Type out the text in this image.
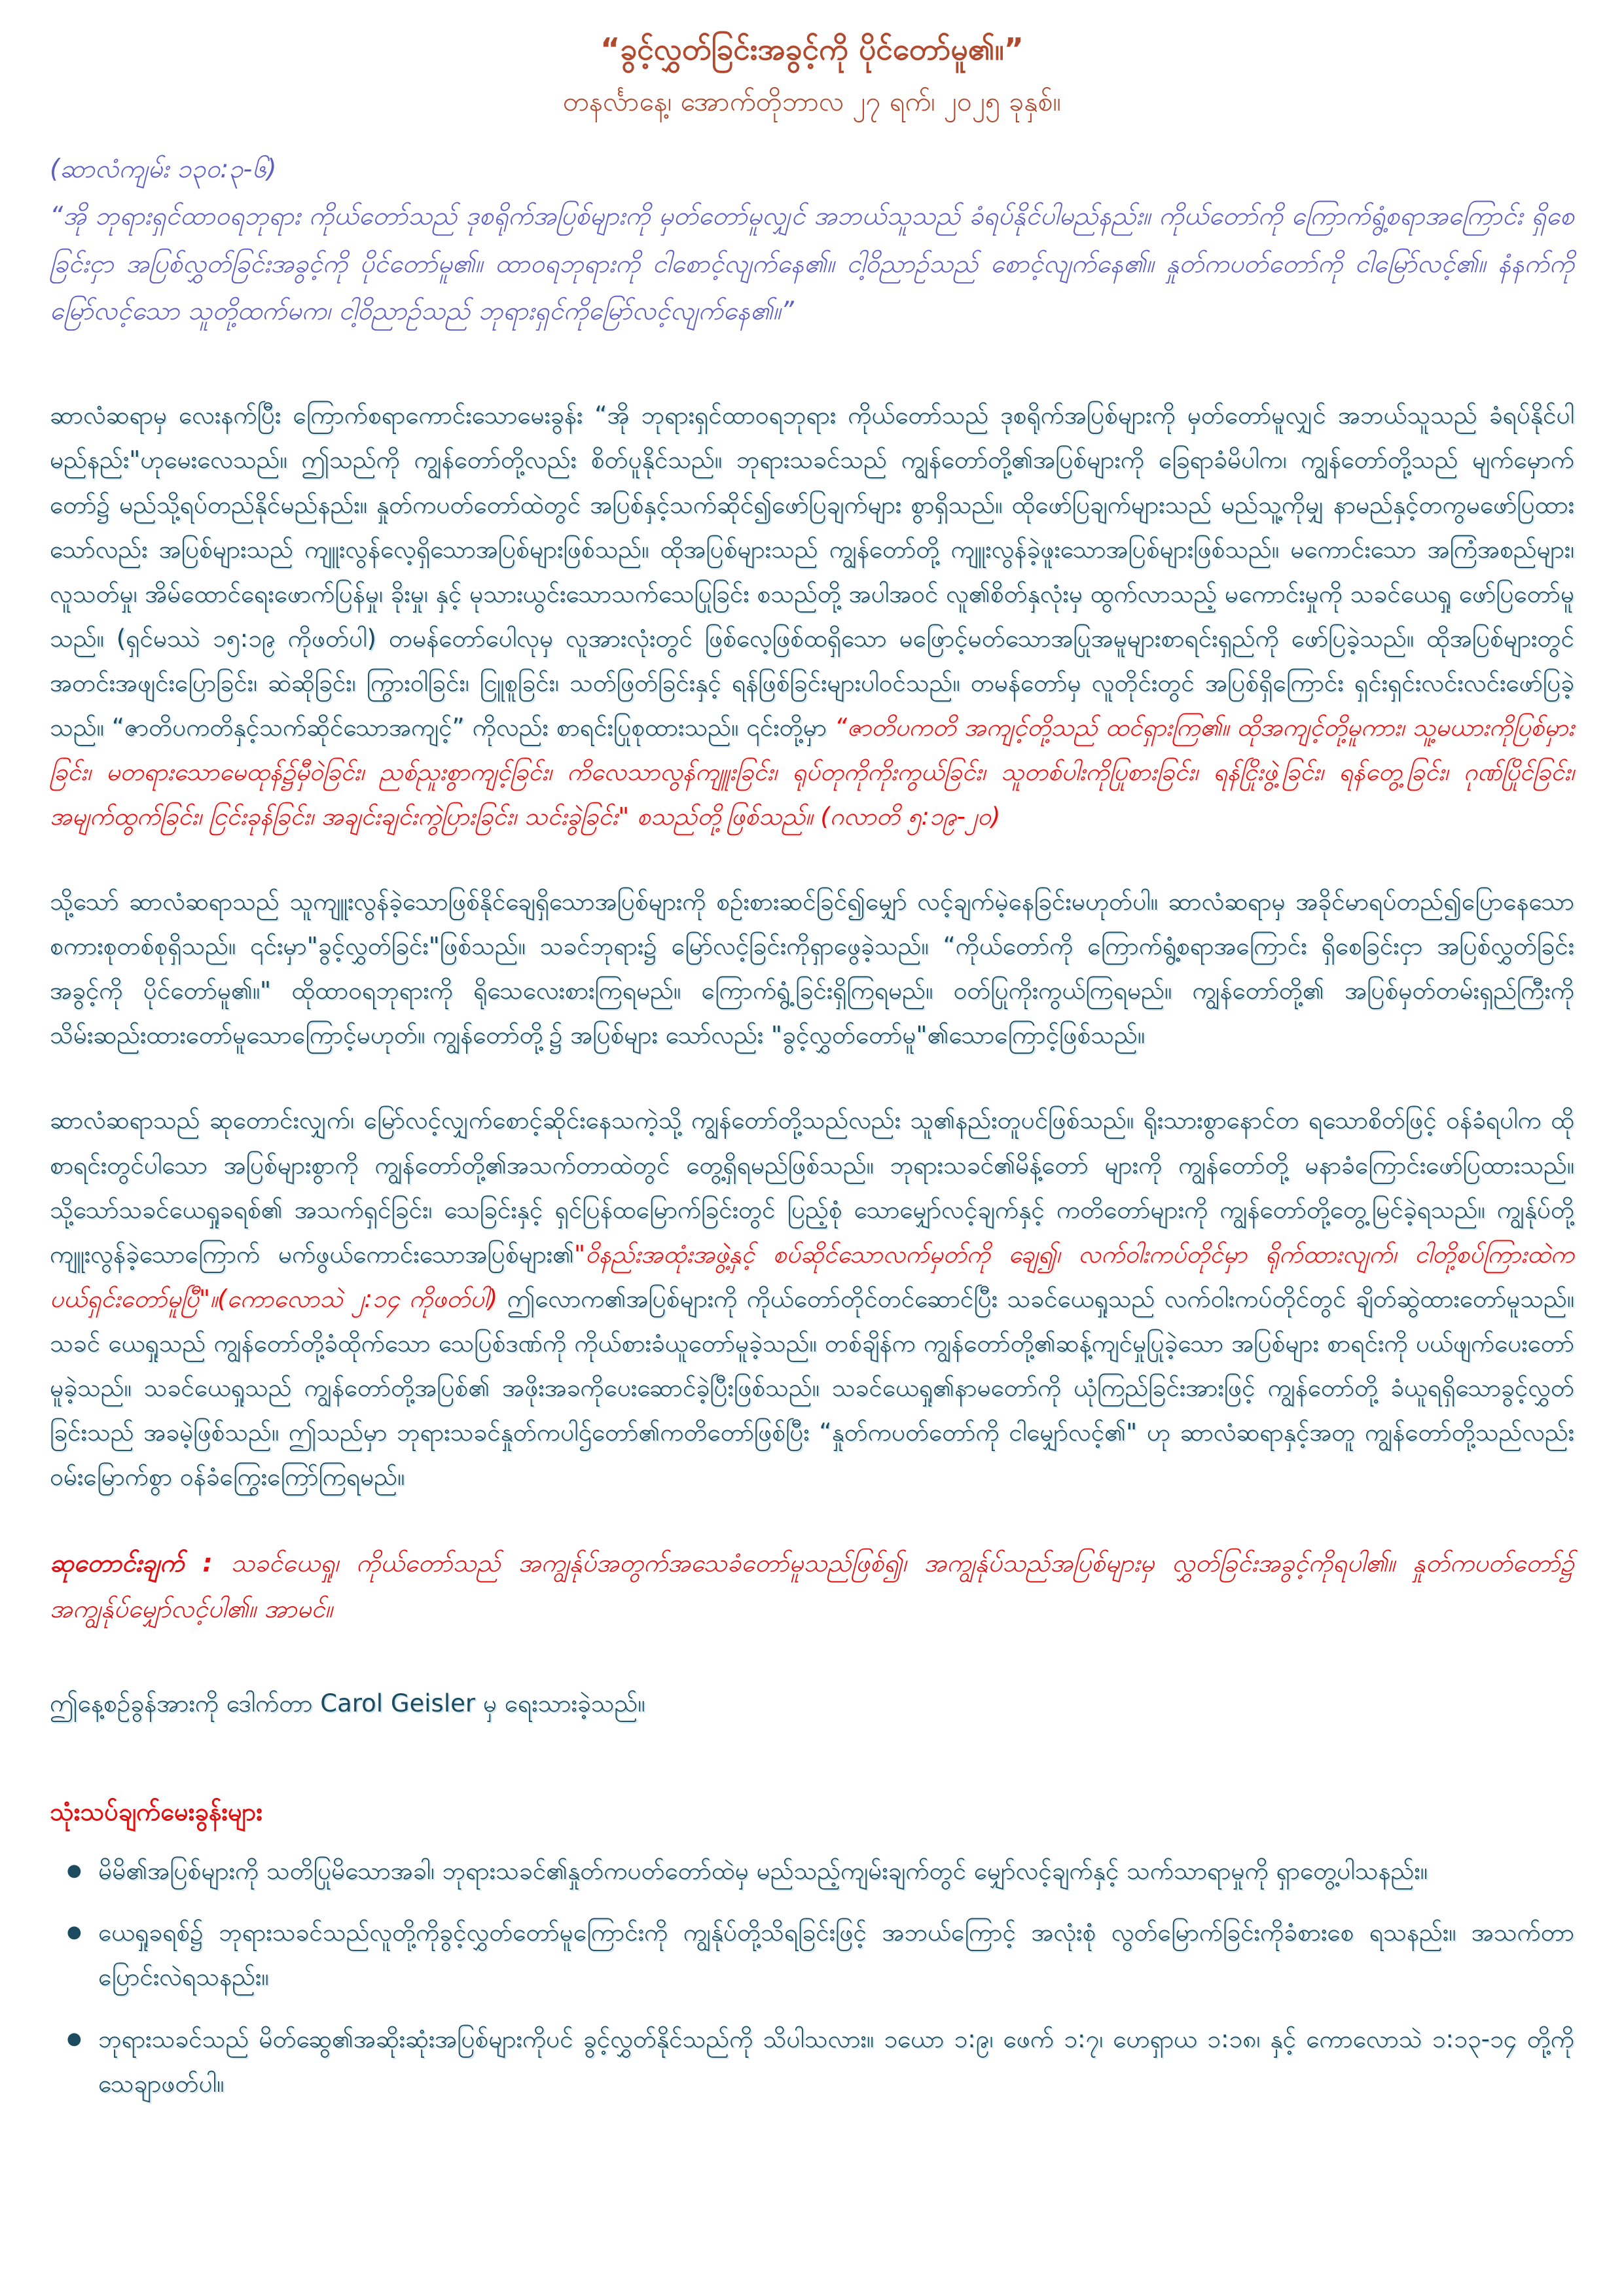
“ခွင့်လွှတ်ခြင်းအခွင့်ကို ပိုင်တော်မူ၏။”
တနင်္လာနေ့၊ အောက်တိုဘာလ ၂၇ ရက်၊ ၂၀၂၅ ခုနှစ်။
(ဆာလံကျမ်း ၁၃၀:၃-၆)
“အို ဘုရားရှင်ထာဝရဘုရား ကိုယ်တော်သည် ဒုစရိုက်အပြစ်များကို မှတ်တော်မူလျှင် အဘယ်သူသည် ခံရပ်နိုင်ပါမည်နည်း။ ကိုယ်တော်ကို ကြောက်ရွံ့စရာအကြောင်း ရှိစေခြင်းငှာ အပြစ်လွှတ်ခြင်းအခွင့်ကို ပိုင်တော်မူ၏။ ထာဝရဘုရားကို ငါစောင့်လျက်နေ၏။ ငါ့ဝိညာဉ်သည် စောင့်လျက်နေ၏။ နှုတ်ကပတ်တော်ကို ငါမြော်လင့်၏။ နံနက်ကိုမြော်လင့်သော သူတို့ထက်မက၊ ငါ့ဝိညာဉ်သည် ဘုရားရှင်ကိုမြော်လင့်လျက်နေ၏။”

ဆာလံဆရာမှ လေးနက်ပြီး ကြောက်စရာကောင်းသောမေးခွန်း “အို ဘုရားရှင်ထာဝရဘုရား ကိုယ်တော်သည် ဒုစရိုက်အပြစ်များကို မှတ်တော်မူလျှင် အဘယ်သူသည် ခံရပ်နိုင်ပါမည်နည်း"ဟုမေးလေသည်။ ဤသည်ကို ကျွန်တော်တို့လည်း စိတ်ပူနိုင်သည်။ ဘုရားသခင်သည် ကျွန်တော်တို့၏အပြစ်များကို ခြေရာခံမိပါက၊ ကျွန်တော်တို့သည် မျက်မှောက်တော်၌ မည်သို့ရပ်တည်နိုင်မည်နည်း။ နှုတ်ကပတ်တော်ထဲတွင် အပြစ်နှင့်သက်ဆိုင်၍ဖော်ပြချက်များ စွာရှိသည်။ ထိုဖော်ပြချက်များသည် မည်သူ့ကိုမျှ နာမည်နှင့်တကွမဖော်ပြထားသော်လည်း အပြစ်များသည် ကျူးလွန်လေ့ရှိသောအပြစ်များဖြစ်သည်။ ထိုအပြစ်များသည် ကျွန်တော်တို့ ကျူးလွန်ခဲ့ဖူးသောအပြစ်များဖြစ်သည်။ မကောင်းသော အကြံအစည်များ၊ လူသတ်မှု၊ အိမ်ထောင်ရေးဖောက်ပြန်မှု၊ ခိုးမှု၊ နှင့် မုသားယွင်းသောသက်သေပြုခြင်း စသည်တို့ အပါအဝင် လူ၏စိတ်နှလုံးမှ ထွက်လာသည့် မကောင်းမှုကို သခင်ယေရှု ဖော်ပြတော်မူသည်။ (ရှင်မဿဲ ၁၅:၁၉ ကိုဖတ်ပါ) တမန်တော်ပေါလုမှ လူအားလုံးတွင် ဖြစ်လေ့ဖြစ်ထရှိသော မဖြောင့်မတ်သောအပြုအမူများစာရင်းရှည်ကို ဖော်ပြခဲ့သည်။ ထိုအပြစ်များတွင် အတင်းအဖျင်းပြောခြင်း၊ ဆဲဆိုခြင်း၊ ကြွားဝါခြင်း၊ ငြူစူခြင်း၊ သတ်ဖြတ်ခြင်းနှင့် ရန်ဖြစ်ခြင်းများပါဝင်သည်။ တမန်တော်မှ လူတိုင်းတွင် အပြစ်ရှိကြောင်း ရှင်းရှင်းလင်းလင်းဖော်ပြခဲ့သည်။ “ဇာတိပကတိနှင့်သက်ဆိုင်သောအကျင့်” ကိုလည်း စာရင်းပြုစုထားသည်။ ၎င်းတို့မှာ “ဇာတိပကတိ အကျင့်တို့သည် ထင်ရှားကြ၏။ ထိုအကျင့်တို့မူကား၊ သူ့မယားကိုပြစ်မှားခြင်း၊ မတရားသောမေထုန်၌မှီဝဲခြင်း၊ ညစ်ညူးစွာကျင့်ခြင်း၊ ကိလေသာလွန်ကျူးခြင်း၊ ရုပ်တုကိုကိုးကွယ်ခြင်း၊ သူတစ်ပါးကိုပြုစားခြင်း၊ ရန်ငြိုးဖွဲ့ခြင်း၊ ရန်တွေ့ခြင်း၊ ဂုဏ်ပြိုင်ခြင်း၊ အမျက်ထွက်ခြင်း၊ ငြင်းခုန်ခြင်း၊ အချင်းချင်းကွဲပြားခြင်း၊ သင်းခွဲခြင်း" စသည်တို့ဖြစ်သည်။ (ဂလာတိ ၅:၁၉-၂၀)

သို့သော် ဆာလံဆရာသည် သူကျူးလွန်ခဲ့သောဖြစ်နိုင်ချေရှိသောအပြစ်များကို စဉ်းစားဆင်ခြင်၍မျှော် လင့်ချက်မဲ့နေခြင်းမဟုတ်ပါ။ ဆာလံဆရာမှ အခိုင်မာရပ်တည်၍ပြောနေသော စကားစုတစ်စုရှိသည်။ ၎င်းမှာ"ခွင့်လွှတ်ခြင်း"ဖြစ်သည်။ သခင်ဘုရား၌ မြော်လင့်ခြင်းကိုရှာဖွေခဲ့သည်။ “ကိုယ်တော်ကို ကြောက်ရွံ့စရာအကြောင်း ရှိစေခြင်းငှာ အပြစ်လွှတ်ခြင်းအခွင့်ကို ပိုင်တော်မူ၏။" ထိုထာဝရဘုရားကို ရိုသေလေးစားကြရမည်။ ကြောက်ရွံ့ခြင်းရှိကြရမည်။ ဝတ်ပြုကိုးကွယ်ကြရမည်။ ကျွန်တော်တို့၏ အပြစ်မှတ်တမ်းရှည်ကြီးကို သိမ်းဆည်းထားတော်မူသောကြောင့်မဟုတ်။ ကျွန်တော်တို့၌ အပြစ်များ သော်လည်း "ခွင့်လွှတ်တော်မူ"၏သောကြောင့်ဖြစ်သည်။

ဆာလံဆရာသည် ဆုတောင်းလျှက်၊ မြော်လင့်လျှက်စောင့်ဆိုင်းနေသကဲ့သို့ ကျွန်တော်တို့သည်လည်း သူ၏နည်းတူပင်ဖြစ်သည်။ ရိုးသားစွာနောင်တ ရသောစိတ်ဖြင့် ဝန်ခံရပါက ထိုစာရင်းတွင်ပါသော အပြစ်များစွာကို ကျွန်တော်တို့၏အသက်တာထဲတွင် တွေ့ရှိရမည်ဖြစ်သည်။ ဘုရားသခင်၏မိန့်တော် များကို ကျွန်တော်တို့ မနာခံကြောင်းဖော်ပြထားသည်။ သို့သော်သခင်ယေရှုခရစ်၏ အသက်ရှင်ခြင်း၊ သေခြင်းနှင့် ရှင်ပြန်ထမြောက်ခြင်းတွင် ပြည့်စုံ သောမျှော်လင့်ချက်နှင့် ကတိတော်များကို ကျွန်တော်တို့တွေ့မြင်ခဲ့ရသည်။ ကျွန်ုပ်တို့ကျူးလွန်ခဲ့သောကြောက် မက်ဖွယ်ကောင်းသောအပြစ်များ၏"ဝိနည်းအထုံးအဖွဲ့နှင့် စပ်ဆိုင်သောလက်မှတ်ကို ချေ၍၊ လက်ဝါးကပ်တိုင်မှာ ရိုက်ထားလျက်၊ ငါတို့စပ်ကြားထဲက ပယ်ရှင်းတော်မူပြီ"။(ကောလောသဲ ၂:၁၄ ကိုဖတ်ပါ) ဤလောက၏အပြစ်များကို ကိုယ်တော်တိုင်တင်ဆောင်ပြီး သခင်ယေရှုသည် လက်ဝါးကပ်တိုင်တွင် ချိတ်ဆွဲထားတော်မူသည်။ သခင် ယေရှုသည် ကျွန်တော်တို့ခံထိုက်သော သေပြစ်ဒဏ်ကို ကိုယ်စားခံယူတော်မူခဲ့သည်။ တစ်ချိန်က ကျွန်တော်တို့၏ဆန့်ကျင်မှုပြုခဲ့သော အပြစ်များ စာရင်းကို ပယ်ဖျက်ပေးတော်မူခဲ့သည်။ သခင်ယေရှုသည် ကျွန်တော်တို့အပြစ်၏ အဖိုးအခကိုပေးဆောင်ခဲ့ပြီးဖြစ်သည်။ သခင်ယေရှု၏နာမတော်ကို ယုံကြည်ခြင်းအားဖြင့် ကျွန်တော်တို့ ခံယူရရှိသောခွင့်လွှတ်ခြင်းသည် အခမဲ့ဖြစ်သည်။ ဤသည်မှာ ဘုရားသခင်နှုတ်ကပါဌ်တော်၏ကတိတော်ဖြစ်ပြီး “နှုတ်ကပတ်တော်ကို ငါမျှော်လင့်၏" ဟု ဆာလံဆရာနှင့်အတူ ကျွန်တော်တို့သည်လည်း ဝမ်းမြောက်စွာ ဝန်ခံကြွေးကြော်ကြရမည်။

ဆုတောင်းချက် : သခင်ယေရှု၊ ကိုယ်တော်သည် အကျွန်ုပ်အတွက်အသေခံတော်မူသည်ဖြစ်၍၊ အကျွန်ုပ်သည်အပြစ်များမှ လွှတ်ခြင်းအခွင့်ကိုရပါ၏။ နှုတ်ကပတ်တော်၌ အကျွန်ုပ်မျှော်လင့်ပါ၏။ အာမင်။
ဤနေ့စဉ်ခွန်အားကို ဒေါက်တာ Carol Geisler မှ ရေးသားခဲ့သည်။
သုံးသပ်ချက်မေးခွန်းများ
● မိမိ၏အပြစ်များကို သတိပြုမိသောအခါ၊ ဘုရားသခင်၏နှုတ်ကပတ်တော်ထဲမှ မည်သည့်ကျမ်းချက်တွင် မျှော်လင့်ချက်နှင့် သက်သာရာမှုကို ရှာတွေ့ပါသနည်း။
● ယေရှုခရစ်၌ ဘုရားသခင်သည်လူတို့ကိုခွင့်လွှတ်တော်မူကြောင်းကို ကျွန်ုပ်တို့သိရခြင်းဖြင့် အဘယ်ကြောင့် အလုံးစုံ လွတ်မြောက်ခြင်းကိုခံစားစေ ရသနည်း။ အသက်တာပြောင်းလဲရသနည်း။
● ဘုရားသခင်သည် မိတ်ဆွေ၏အဆိုးဆုံးအပြစ်များကိုပင် ခွင့်လွှတ်နိုင်သည်ကို သိပါသလား။ ၁ယော ၁:၉၊ ဖေက် ၁:၇၊ ဟေရှာယ ၁:၁၈၊ နှင့် ကောလောသဲ ၁:၁၃-၁၄ တို့ကို သေချာဖတ်ပါ။
